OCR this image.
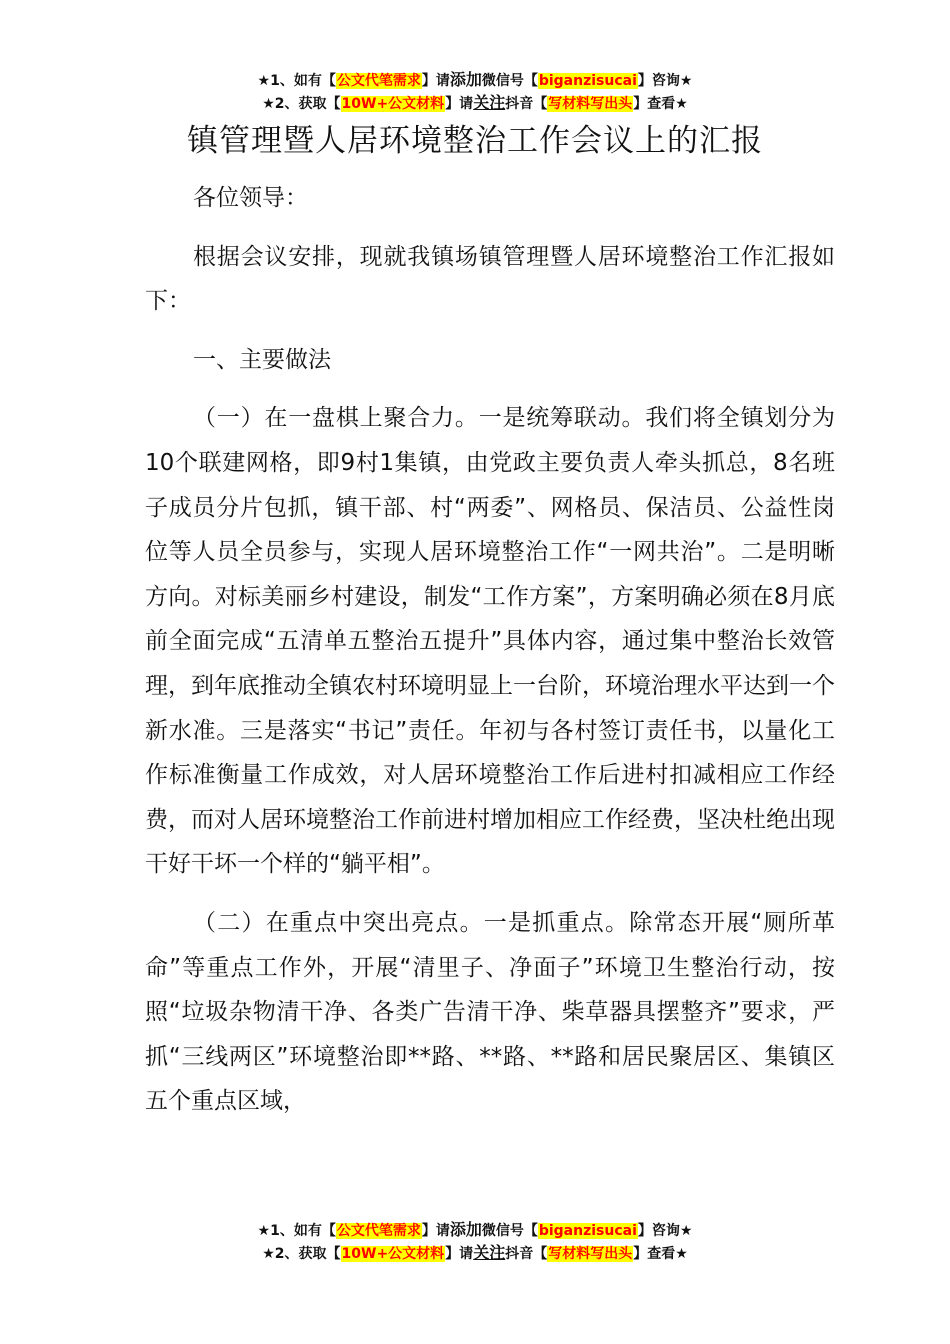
★1、如有【公文代笔需求】请添加微信号【biganzisucai】咨询★
★2、获取【10W+公文材料】请关注抖音【写材料写出头】查看★
镇管理暨人居环境整治工作会议上的汇报

各位领导：

根据会议安排，现就我镇场镇管理暨人居环境整治工作汇报如下：

一、主要做法

（一）在一盘棋上聚合力。一是统筹联动。我们将全镇划分为10个联建网格，即9村1集镇，由党政主要负责人牵头抓总，8名班子成员分片包抓，镇干部、村“两委”、网格员、保洁员、公益性岗位等人员全员参与，实现人居环境整治工作“一网共治”。二是明晰方向。对标美丽乡村建设，制发“工作方案”，方案明确必须在8月底前全面完成“五清单五整治五提升”具体内容，通过集中整治长效管理，到年底推动全镇农村环境明显上一台阶，环境治理水平达到一个新水准。三是落实“书记”责任。年初与各村签订责任书，以量化工作标准衡量工作成效，对人居环境整治工作后进村扣减相应工作经费，而对人居环境整治工作前进村增加相应工作经费，坚决杜绝出现干好干坏一个样的“躺平相”。

（二）在重点中突出亮点。一是抓重点。除常态开展“厕所革命”等重点工作外，开展“清里子、净面子”环境卫生整治行动，按照“垃圾杂物清干净、各类广告清干净、柴草器具摆整齐”要求，严抓“三线两区”环境整治即**路、**路、**路和居民聚居区、集镇区五个重点区域，

★1、如有【公文代笔需求】请添加微信号【biganzisucai】咨询★
★2、获取【10W+公文材料】请关注抖音【写材料写出头】查看★
